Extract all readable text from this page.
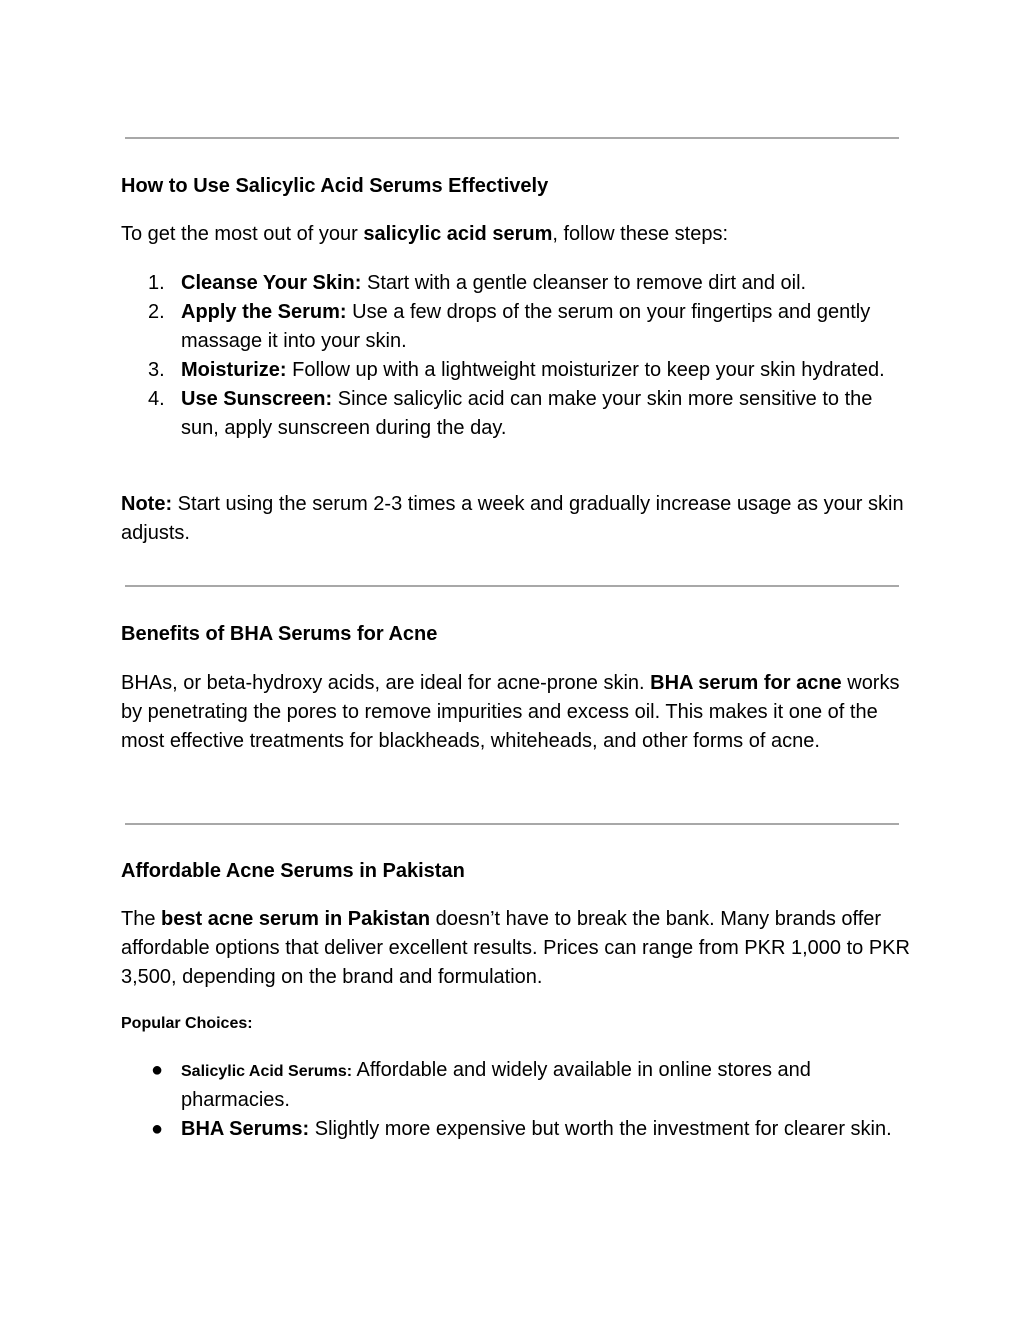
How to Use Salicylic Acid Serums Effectively

To get the most out of your salicylic acid serum, follow these steps:

1. Cleanse Your Skin: Start with a gentle cleanser to remove dirt and oil.
2. Apply the Serum: Use a few drops of the serum on your fingertips and gently massage it into your skin.
3. Moisturize: Follow up with a lightweight moisturizer to keep your skin hydrated.
4. Use Sunscreen: Since salicylic acid can make your skin more sensitive to the sun, apply sunscreen during the day.

Note: Start using the serum 2-3 times a week and gradually increase usage as your skin adjusts.

Benefits of BHA Serums for Acne

BHAs, or beta-hydroxy acids, are ideal for acne-prone skin. BHA serum for acne works by penetrating the pores to remove impurities and excess oil. This makes it one of the most effective treatments for blackheads, whiteheads, and other forms of acne.

Affordable Acne Serums in Pakistan

The best acne serum in Pakistan doesn’t have to break the bank. Many brands offer affordable options that deliver excellent results. Prices can range from PKR 1,000 to PKR 3,500, depending on the brand and formulation.

Popular Choices:
● Salicylic Acid Serums: Affordable and widely available in online stores and pharmacies.
● BHA Serums: Slightly more expensive but worth the investment for clearer skin.
